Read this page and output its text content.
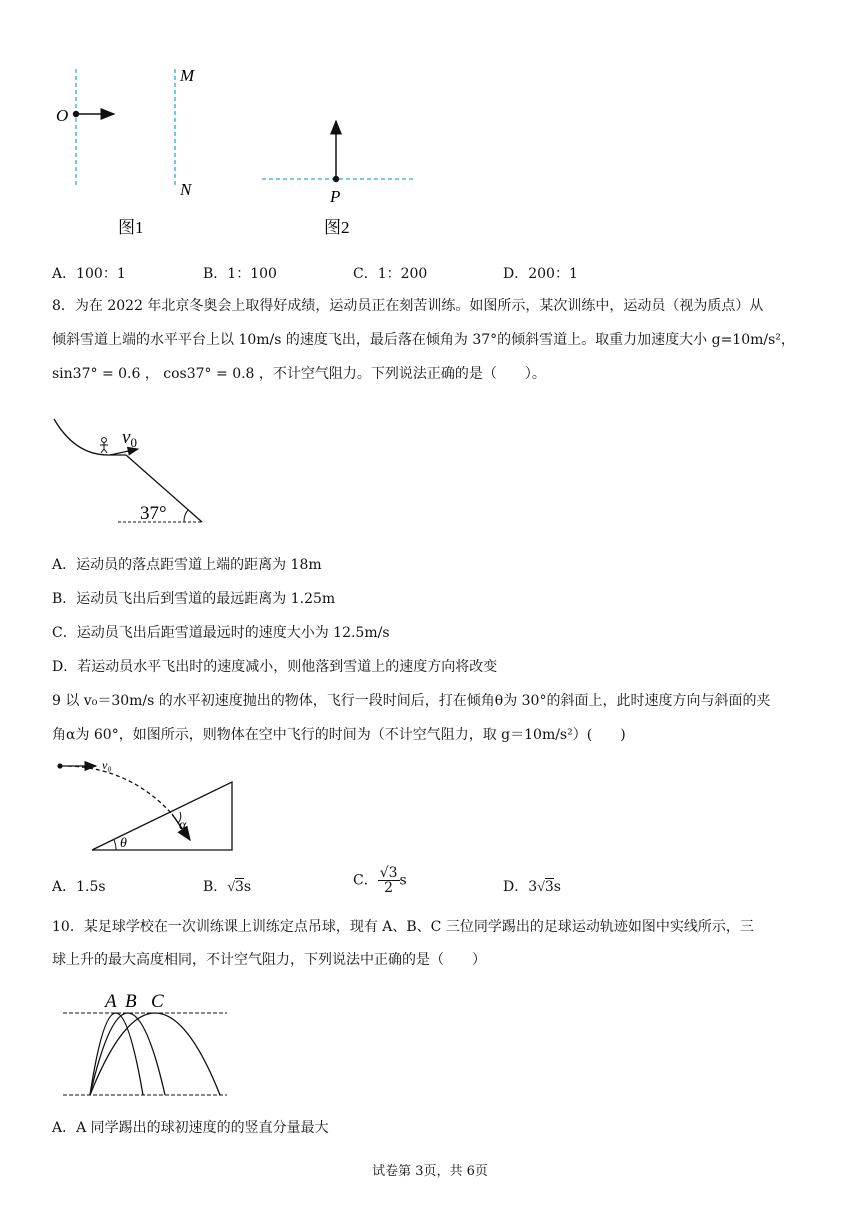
O
M
N	P
图1	图2
A．100：1	B．1：100	C．1：200	D．200：1
8．为在 2022 年北京冬奥会上取得好成绩，运动员正在刻苦训练。如图所示，某次训练中，运动员（视为质点）从
倾斜雪道上端的水平平台上以 10m/s 的速度飞出，最后落在倾角为 37°的倾斜雪道上。取重力加速度大小 g=10m/s²，
sin37° = 0.6 ， cos37° = 0.8 ，不计空气阻力。下列说法正确的是（　　）。
$v_0$
37°
A．运动员的落点距雪道上端的距离为 18m
B．运动员飞出后到雪道的最远距离为 1.25m
C．运动员飞出后距雪道最远时的速度大小为 12.5m/s
D．若运动员水平飞出时的速度减小，则他落到雪道上的速度方向将改变
9 以 v₀＝30m/s 的水平初速度抛出的物体，飞行一段时间后，打在倾角θ为 30°的斜面上，此时速度方向与斜面的夹
角α为 60°，如图所示，则物体在空中飞行的时间为（不计空气阻力，取 g＝10m/s²）(　　)
v₀
α
θ
A．1.5s	B．√3s	C． $\frac{√3}{2}$ s	D．3√3s
10．某足球学校在一次训练课上训练定点吊球，现有 A、B、C 三位同学踢出的足球运动轨迹如图中实线所示，三
球上升的最大高度相同，不计空气阻力，下列说法中正确的是（　　）
A B C
A．A 同学踢出的球初速度的的竖直分量最大
试卷第 3页，共 6页
